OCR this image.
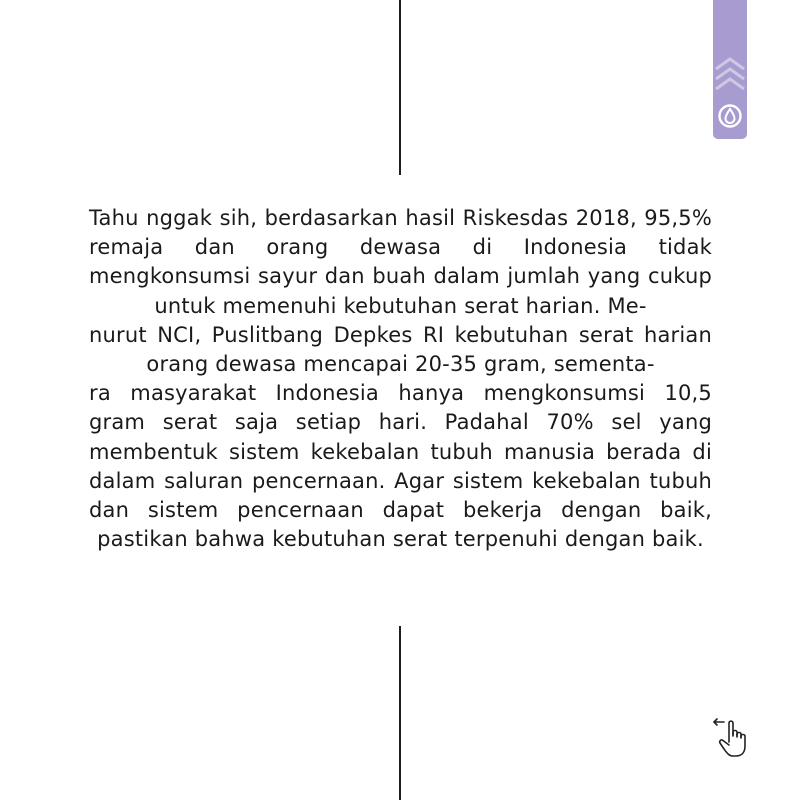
Tahu nggak sih, berdasarkan hasil Riskesdas 2018, 95,5% remaja dan orang dewasa di Indonesia tidak mengkonsumsi sayur dan buah dalam jumlah yang cukup untuk memenuhi kebutuhan serat harian. Me-
nurut NCI, Puslitbang Depkes RI kebutuhan serat harian orang dewasa mencapai 20-35 gram, sementa-
ra masyarakat Indonesia hanya mengkonsumsi 10,5 gram serat saja setiap hari. Padahal 70% sel yang membentuk sistem kekebalan tubuh manusia berada di dalam saluran pencernaan. Agar sistem kekebalan tubuh dan sistem pencernaan dapat bekerja dengan baik, pastikan bahwa kebutuhan serat terpenuhi dengan baik.
